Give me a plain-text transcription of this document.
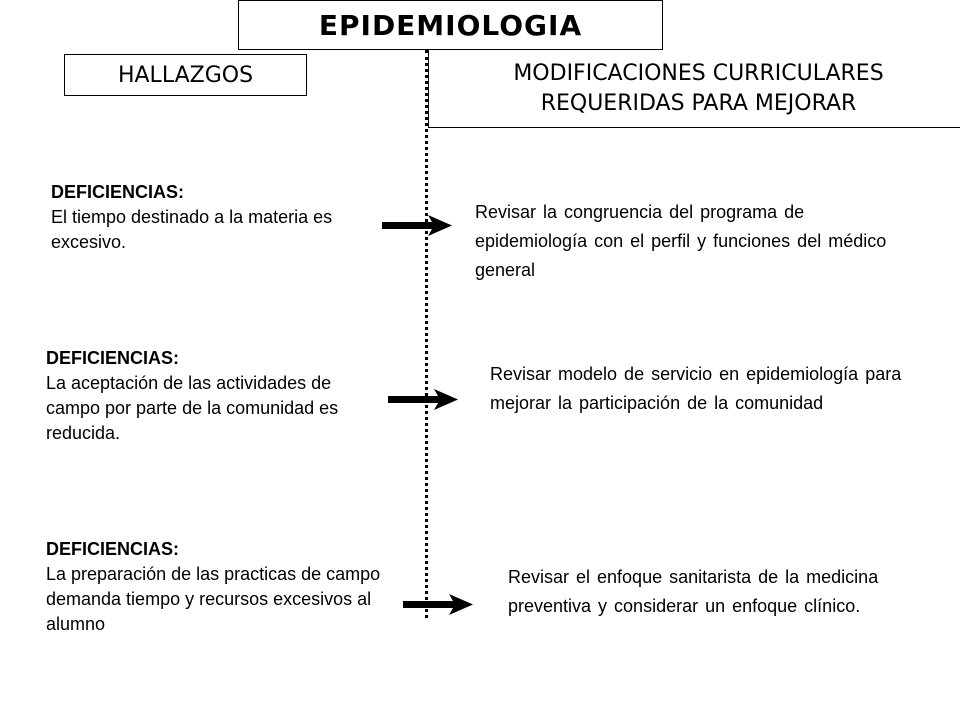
EPIDEMIOLOGIA
HALLAZGOS	MODIFICACIONES CURRICULARES
REQUERIDAS PARA MEJORAR
DEFICIENCIAS:
El tiempo destinado a la materia es excesivo.
DEFICIENCIAS:
La aceptación de las actividades de campo por parte de la comunidad es reducida.
DEFICIENCIAS:
La preparación de las practicas de campo demanda tiempo y recursos excesivos al alumno
Revisar la congruencia del programa de epidemiología con el perfil y funciones del médico general
Revisar modelo de servicio en epidemiología para mejorar la participación de la comunidad
Revisar el enfoque sanitarista de la medicina preventiva y considerar un enfoque clínico.
